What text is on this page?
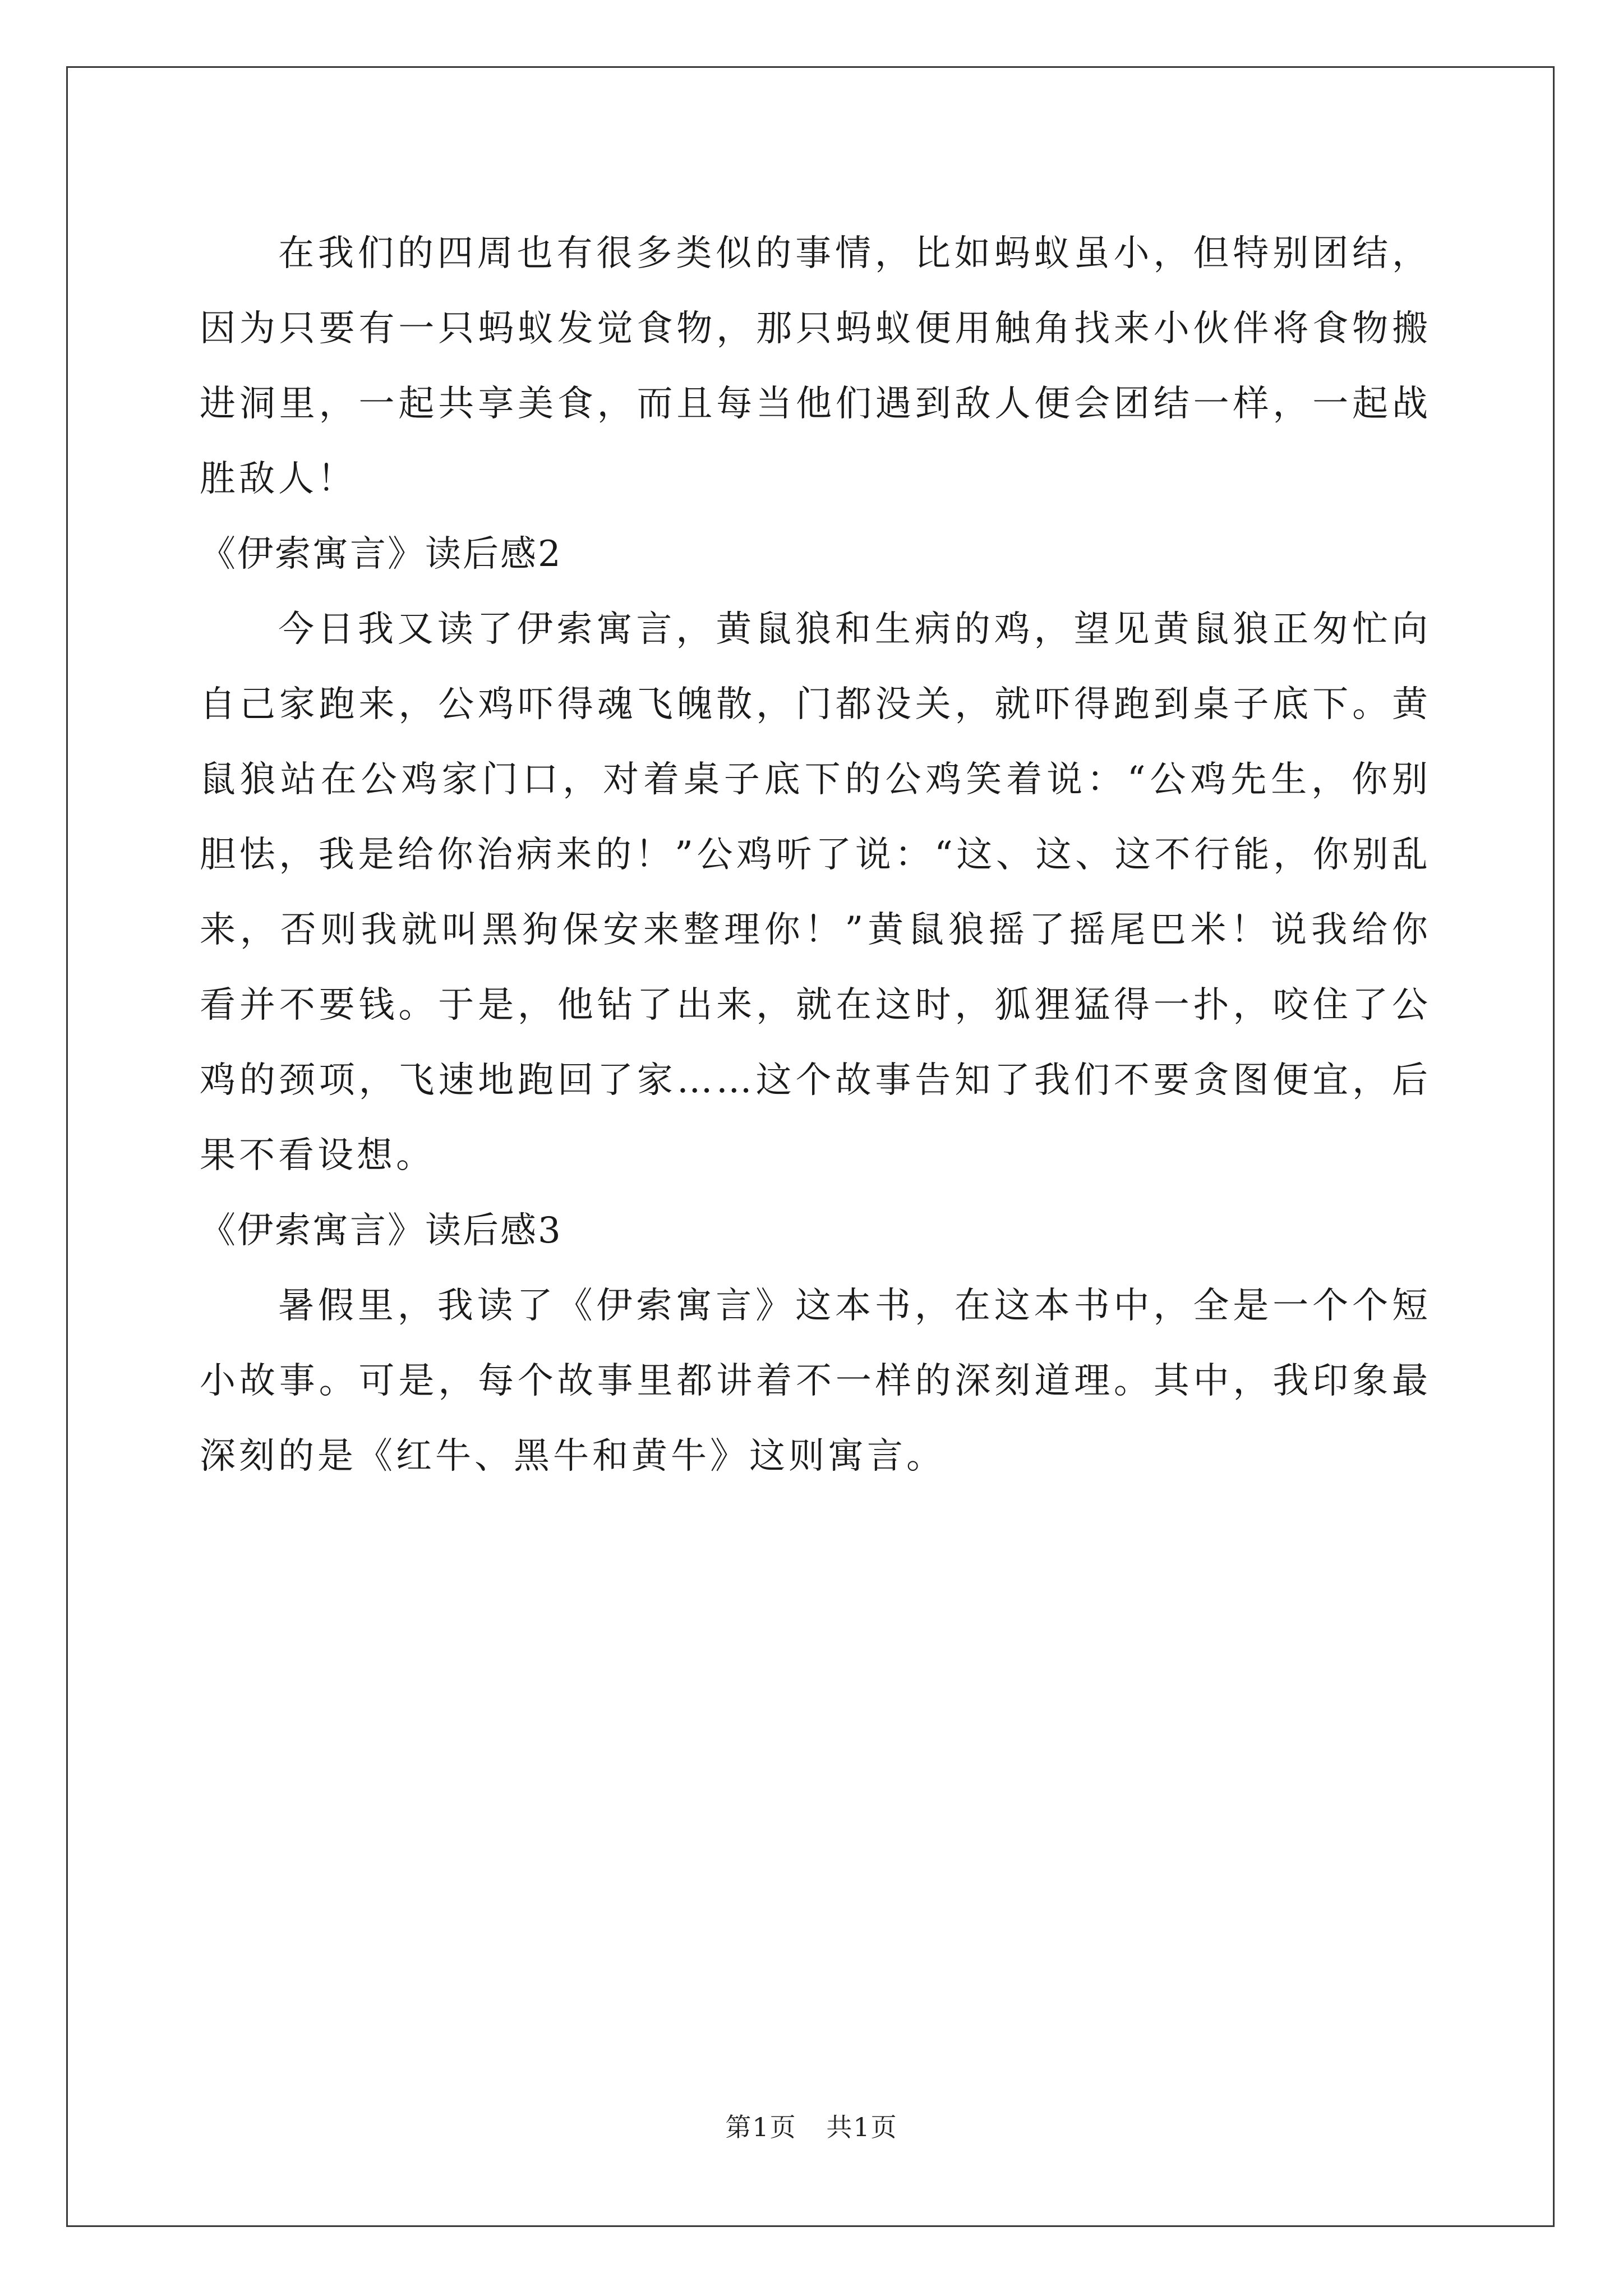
在我们的四周也有很多类似的事情，比如蚂蚁虽小，但特别团结，因为只要有一只蚂蚁发觉食物，那只蚂蚁便用触角找来小伙伴将食物搬进洞里，一起共享美食，而且每当他们遇到敌人便会团结一样，一起战胜敌人！

《伊索寓言》读后感2

今日我又读了伊索寓言，黄鼠狼和生病的鸡，望见黄鼠狼正匆忙向自己家跑来，公鸡吓得魂飞魄散，门都没关，就吓得跑到桌子底下。黄鼠狼站在公鸡家门口，对着桌子底下的公鸡笑着说：“公鸡先生，你别胆怯，我是给你治病来的！”公鸡听了说：“这、这、这不行能，你别乱来，否则我就叫黑狗保安来整理你！”黄鼠狼摇了摇尾巴米！说我给你看并不要钱。于是，他钻了出来，就在这时，狐狸猛得一扑，咬住了公鸡的颈项，飞速地跑回了家……这个故事告知了我们不要贪图便宜，后果不看设想。

《伊索寓言》读后感3

暑假里，我读了《伊索寓言》这本书，在这本书中，全是一个个短小故事。可是，每个故事里都讲着不一样的深刻道理。其中，我印象最深刻的是《红牛、黑牛和黄牛》这则寓言。

第1页 共1页
